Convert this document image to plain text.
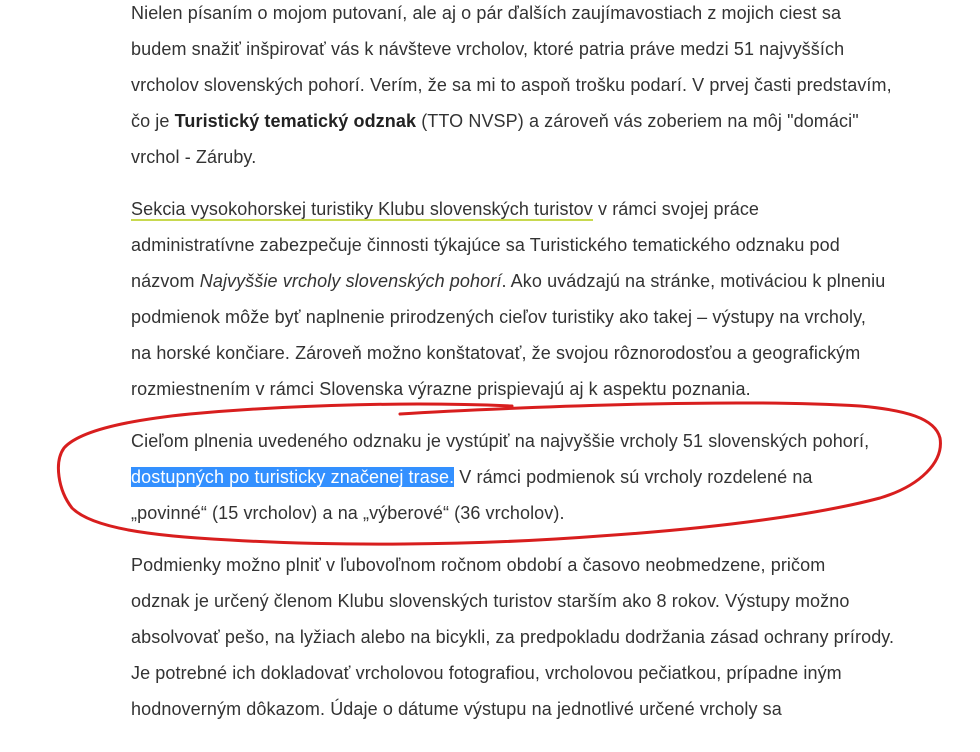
Nielen písaním o mojom putovaní, ale aj o pár ďalších zaujímavostiach z mojich ciest sa
budem snažiť inšpirovať vás k návšteve vrcholov, ktoré patria práve medzi 51 najvyšších
vrcholov slovenských pohorí. Verím, že sa mi to aspoň trošku podarí. V prvej časti predstavím,
čo je Turistický tematický odznak (TTO NVSP) a zároveň vás zoberiem na môj "domáci"
vrchol - Záruby.

Sekcia vysokohorskej turistiky Klubu slovenských turistov v rámci svojej práce
administratívne zabezpečuje činnosti týkajúce sa Turistického tematického odznaku pod
názvom Najvyššie vrcholy slovenských pohorí. Ako uvádzajú na stránke, motiváciou k plneniu
podmienok môže byť naplnenie prirodzených cieľov turistiky ako takej – výstupy na vrcholy,
na horské končiare. Zároveň možno konštatovať, že svojou rôznorodosťou a geografickým
rozmiestnením v rámci Slovenska výrazne prispievajú aj k aspektu poznania.

Cieľom plnenia uvedeného odznaku je vystúpiť na najvyššie vrcholy 51 slovenských pohorí,
dostupných po turisticky značenej trase. V rámci podmienok sú vrcholy rozdelené na
„povinné“ (15 vrcholov) a na „výberové“ (36 vrcholov).

Podmienky možno plniť v ľubovoľnom ročnom období a časovo neobmedzene, pričom
odznak je určený členom Klubu slovenských turistov starším ako 8 rokov. Výstupy možno
absolvovať pešo, na lyžiach alebo na bicykli, za predpokladu dodržania zásad ochrany prírody.
Je potrebné ich dokladovať vrcholovou fotografiou, vrcholovou pečiatkou, prípadne iným
hodnoverným dôkazom. Údaje o dátume výstupu na jednotlivé určené vrcholy sa
